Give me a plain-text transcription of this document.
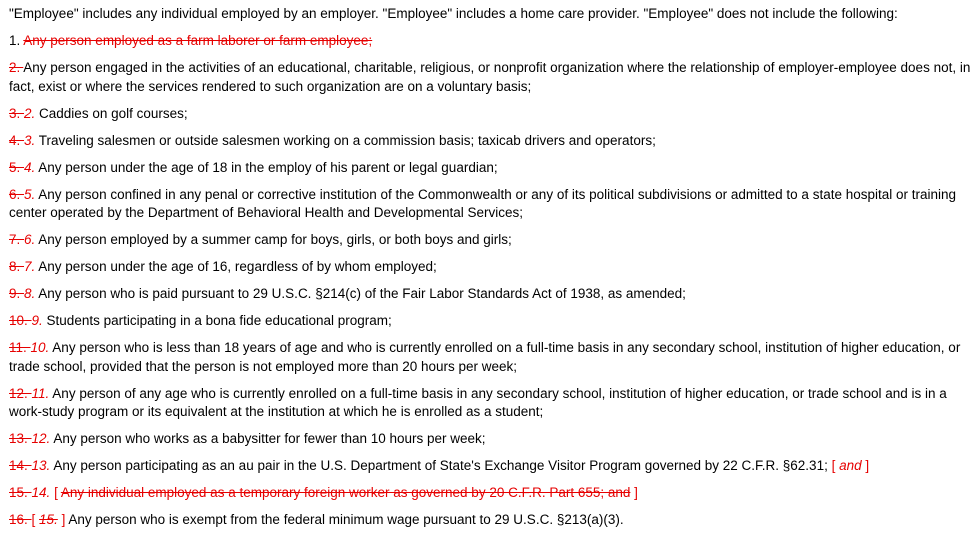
"Employee" includes any individual employed by an employer. "Employee" includes a home care provider. "Employee" does not include the following:
1. Any person employed as a farm laborer or farm employee;
2. Any person engaged in the activities of an educational, charitable, religious, or nonprofit organization where the relationship of employer-employee does not, in fact, exist or where the services rendered to such organization are on a voluntary basis;
3. 2. Caddies on golf courses;
4. 3. Traveling salesmen or outside salesmen working on a commission basis; taxicab drivers and operators;
5. 4. Any person under the age of 18 in the employ of his parent or legal guardian;
6. 5. Any person confined in any penal or corrective institution of the Commonwealth or any of its political subdivisions or admitted to a state hospital or training center operated by the Department of Behavioral Health and Developmental Services;
7. 6. Any person employed by a summer camp for boys, girls, or both boys and girls;
8. 7. Any person under the age of 16, regardless of by whom employed;
9. 8. Any person who is paid pursuant to 29 U.S.C. §214(c) of the Fair Labor Standards Act of 1938, as amended;
10. 9. Students participating in a bona fide educational program;
11. 10. Any person who is less than 18 years of age and who is currently enrolled on a full-time basis in any secondary school, institution of higher education, or trade school, provided that the person is not employed more than 20 hours per week;
12. 11. Any person of any age who is currently enrolled on a full-time basis in any secondary school, institution of higher education, or trade school and is in a work-study program or its equivalent at the institution at which he is enrolled as a student;
13. 12. Any person who works as a babysitter for fewer than 10 hours per week;
14. 13. Any person participating as an au pair in the U.S. Department of State's Exchange Visitor Program governed by 22 C.F.R. §62.31; [ and ]
15. 14. [ Any individual employed as a temporary foreign worker as governed by 20 C.F.R. Part 655; and ]
16. [ 15. ] Any person who is exempt from the federal minimum wage pursuant to 29 U.S.C. §213(a)(3).
